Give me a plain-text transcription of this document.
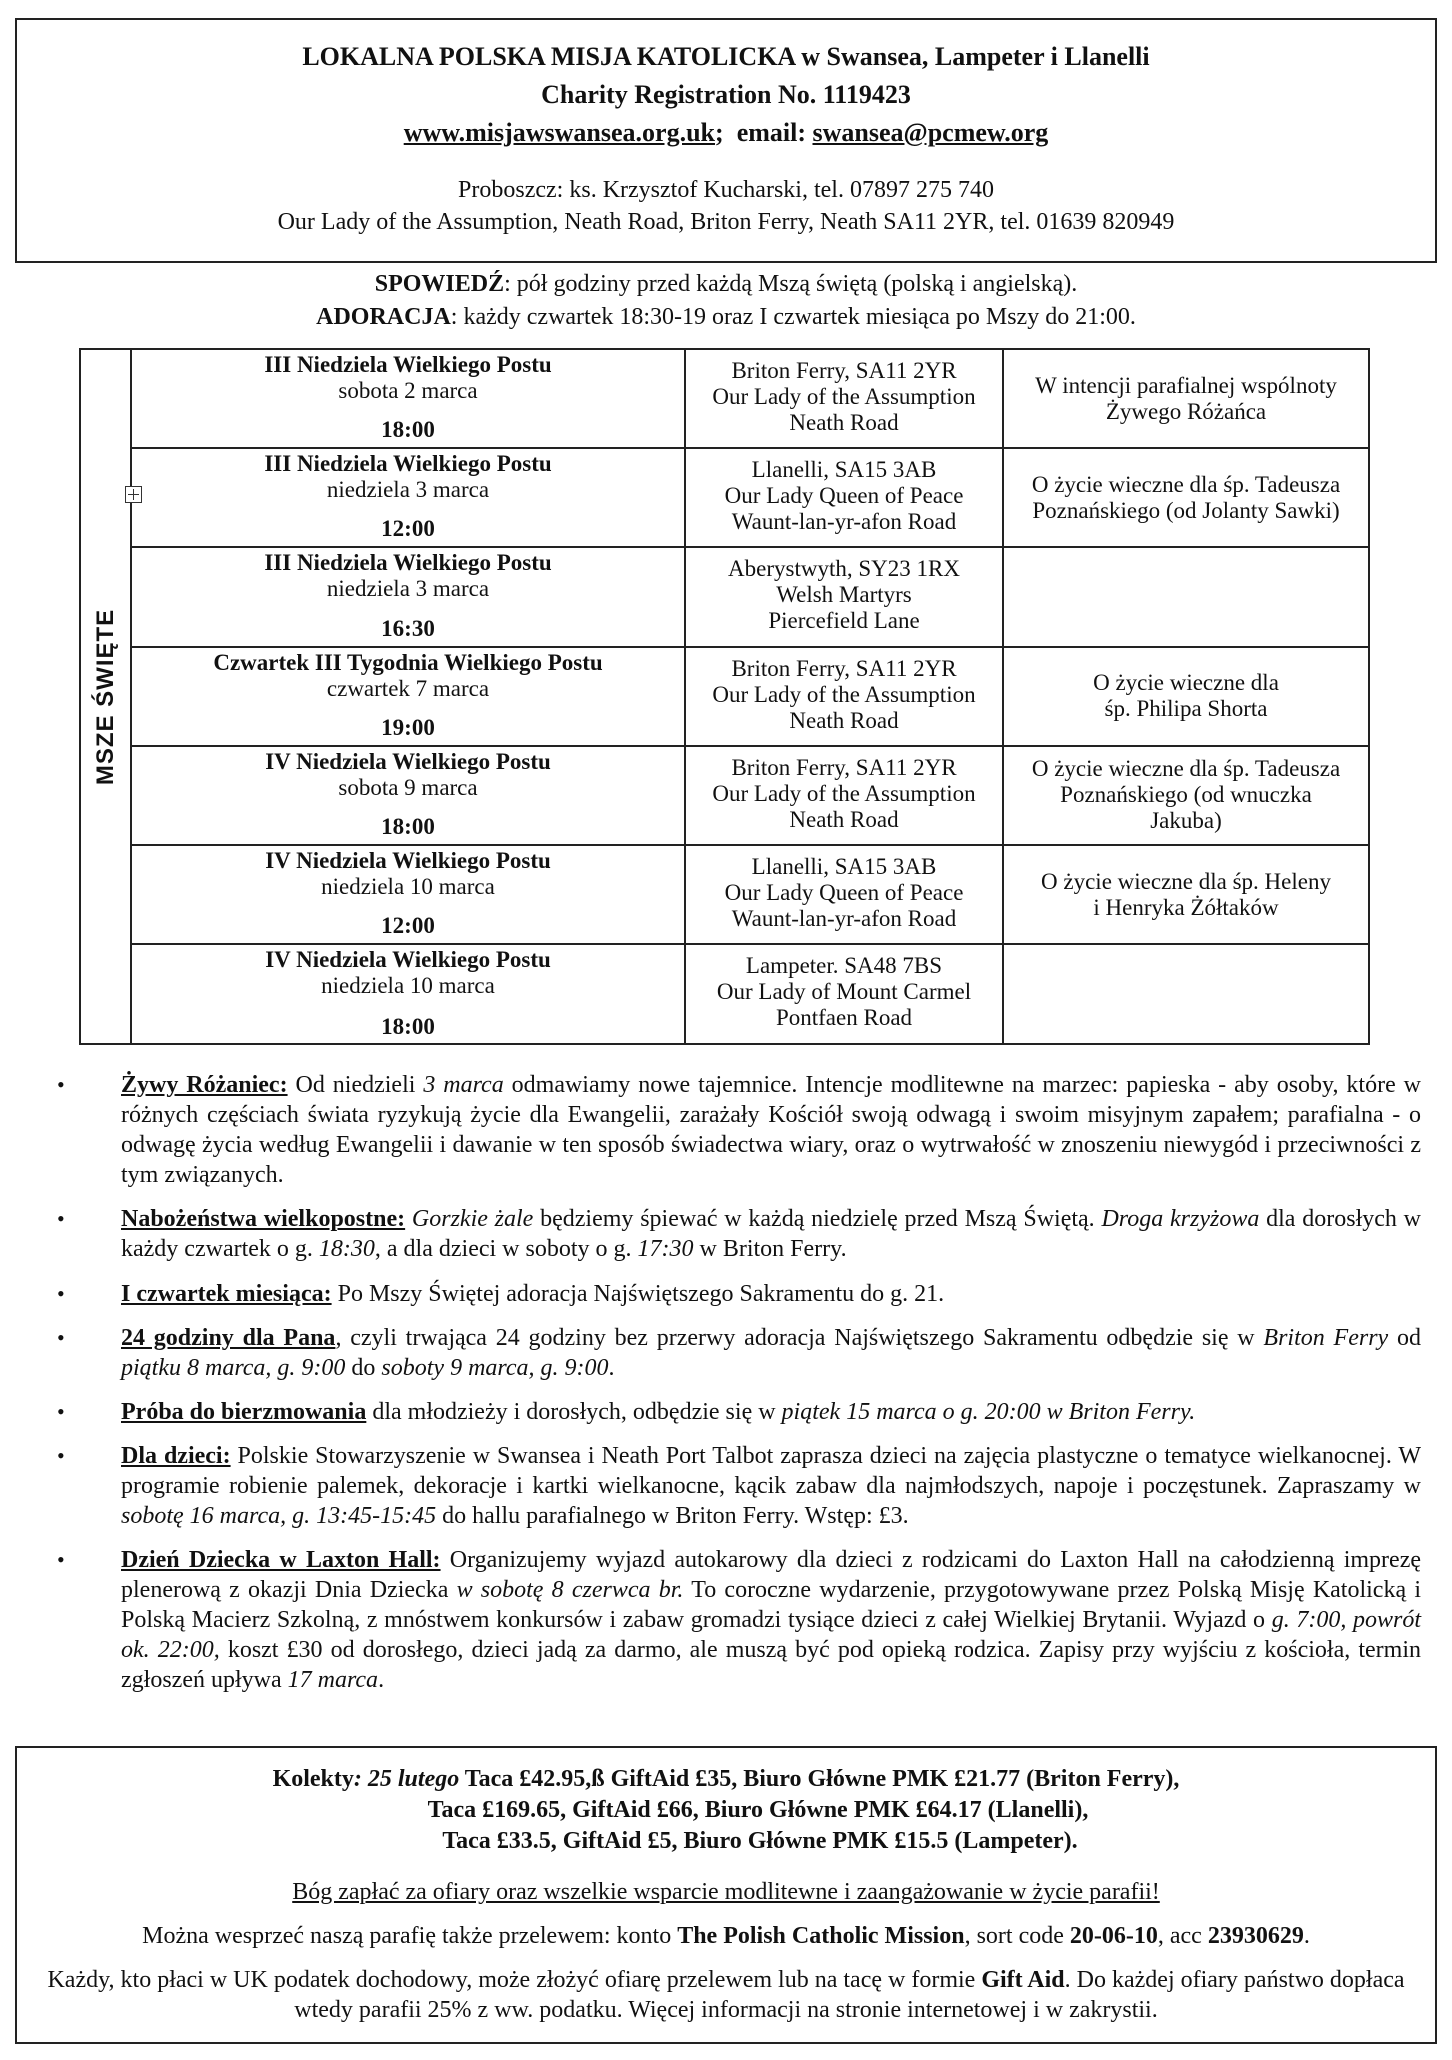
LOKALNA POLSKA MISJA KATOLICKA w Swansea, Lampeter i Llanelli
Charity Registration No. 1119423
www.misjawswansea.org.uk; email: swansea@pcmew.org
Proboszcz: ks. Krzysztof Kucharski, tel. 07897 275 740
Our Lady of the Assumption, Neath Road, Briton Ferry, Neath SA11 2YR, tel. 01639 820949
SPOWIEDŹ: pół godziny przed każdą Mszą świętą (polską i angielską).
ADORACJA: każdy czwartek 18:30-19 oraz I czwartek miesiąca po Mszy do 21:00.
MSZE ŚWIĘTE
III Niedziela Wielkiego Postu
sobota 2 marca
18:00
Briton Ferry, SA11 2YR
Our Lady of the Assumption
Neath Road
W intencji parafialnej wspólnoty
Żywego Różańca
III Niedziela Wielkiego Postu
niedziela 3 marca
12:00
Llanelli, SA15 3AB
Our Lady Queen of Peace
Waunt-lan-yr-afon Road
O życie wieczne dla śp. Tadeusza
Poznańskiego (od Jolanty Sawki)
III Niedziela Wielkiego Postu
niedziela 3 marca
16:30
Aberystwyth, SY23 1RX
Welsh Martyrs
Piercefield Lane
Czwartek III Tygodnia Wielkiego Postu
czwartek 7 marca
19:00
Briton Ferry, SA11 2YR
Our Lady of the Assumption
Neath Road
O życie wieczne dla
śp. Philipa Shorta
IV Niedziela Wielkiego Postu
sobota 9 marca
18:00
Briton Ferry, SA11 2YR
Our Lady of the Assumption
Neath Road
O życie wieczne dla śp. Tadeusza
Poznańskiego (od wnuczka
Jakuba)
IV Niedziela Wielkiego Postu
niedziela 10 marca
12:00
Llanelli, SA15 3AB
Our Lady Queen of Peace
Waunt-lan-yr-afon Road
O życie wieczne dla śp. Heleny
i Henryka Żółtaków
IV Niedziela Wielkiego Postu
niedziela 10 marca
18:00
Lampeter. SA48 7BS
Our Lady of Mount Carmel
Pontfaen Road
• Żywy Różaniec: Od niedzieli 3 marca odmawiamy nowe tajemnice. Intencje modlitewne na marzec: papieska - aby osoby, które w różnych częściach świata ryzykują życie dla Ewangelii, zarażały Kościół swoją odwagą i swoim misyjnym zapałem; parafialna - o odwagę życia według Ewangelii i dawanie w ten sposób świadectwa wiary, oraz o wytrwałość w znoszeniu niewygód i przeciwności z tym związanych.
• Nabożeństwa wielkopostne: Gorzkie żale będziemy śpiewać w każdą niedzielę przed Mszą Świętą. Droga krzyżowa dla dorosłych w każdy czwartek o g. 18:30, a dla dzieci w soboty o g. 17:30 w Briton Ferry.
• I czwartek miesiąca: Po Mszy Świętej adoracja Najświętszego Sakramentu do g. 21.
• 24 godziny dla Pana, czyli trwająca 24 godziny bez przerwy adoracja Najświętszego Sakramentu odbędzie się w Briton Ferry od piątku 8 marca, g. 9:00 do soboty 9 marca, g. 9:00.
• Próba do bierzmowania dla młodzieży i dorosłych, odbędzie się w piątek 15 marca o g. 20:00 w Briton Ferry.
• Dla dzieci: Polskie Stowarzyszenie w Swansea i Neath Port Talbot zaprasza dzieci na zajęcia plastyczne o tematyce wielkanocnej. W programie robienie palemek, dekoracje i kartki wielkanocne, kącik zabaw dla najmłodszych, napoje i poczęstunek. Zapraszamy w sobotę 16 marca, g. 13:45-15:45 do hallu parafialnego w Briton Ferry. Wstęp: £3.
• Dzień Dziecka w Laxton Hall: Organizujemy wyjazd autokarowy dla dzieci z rodzicami do Laxton Hall na całodzienną imprezę plenerową z okazji Dnia Dziecka w sobotę 8 czerwca br. To coroczne wydarzenie, przygotowywane przez Polską Misję Katolicką i Polską Macierz Szkolną, z mnóstwem konkursów i zabaw gromadzi tysiące dzieci z całej Wielkiej Brytanii. Wyjazd o g. 7:00, powrót ok. 22:00, koszt £30 od dorosłego, dzieci jadą za darmo, ale muszą być pod opieką rodzica. Zapisy przy wyjściu z kościoła, termin zgłoszeń upływa 17 marca.
Kolekty: 25 lutego Taca £42.95,ß GiftAid £35, Biuro Główne PMK £21.77 (Briton Ferry),
Taca £169.65, GiftAid £66, Biuro Główne PMK £64.17 (Llanelli),
Taca £33.5, GiftAid £5, Biuro Główne PMK £15.5 (Lampeter).
Bóg zapłać za ofiary oraz wszelkie wsparcie modlitewne i zaangażowanie w życie parafii!
Można wesprzeć naszą parafię także przelewem: konto The Polish Catholic Mission, sort code 20-06-10, acc 23930629.
Każdy, kto płaci w UK podatek dochodowy, może złożyć ofiarę przelewem lub na tacę w formie Gift Aid. Do każdej ofiary państwo dopłaca wtedy parafii 25% z ww. podatku. Więcej informacji na stronie internetowej i w zakrystii.
